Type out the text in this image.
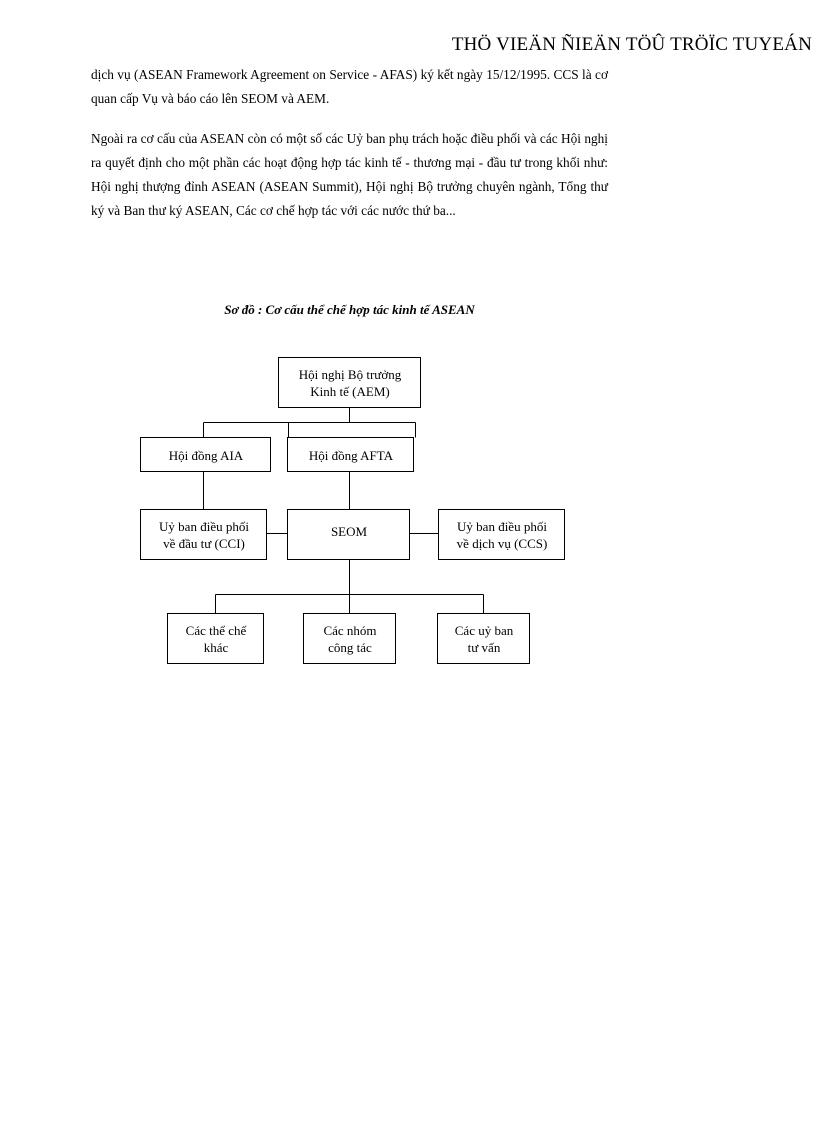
THÖ VIEÄN ÑIEÄN TÖÛ TRÖÏC TUYEÁN

dịch vụ (ASEAN Framework Agreement on Service - AFAS) ký kết ngày 15/12/1995. CCS là cơ quan cấp Vụ và báo cáo lên SEOM và AEM.

Ngoài ra cơ cấu của ASEAN còn có một số các Uỷ ban phụ trách hoặc điều phối và các Hội nghị ra quyết định cho một phần các hoạt động hợp tác kinh tế - thương mại - đầu tư trong khối như: Hội nghị thượng đỉnh ASEAN (ASEAN Summit), Hội nghị Bộ trưởng chuyên ngành, Tổng thư ký và Ban thư ký ASEAN, Các cơ chế hợp tác với các nước thứ ba...

Sơ đồ : Cơ cấu thể chế hợp tác kinh tế ASEAN

Hội nghị Bộ trưởng
Kinh tế (AEM)
Hội đồng AIA	Hội đồng AFTA
Uỷ ban điều phối
về đầu tư (CCI)
SEOM	Uỷ ban điều phối
về dịch vụ (CCS)
Các thể chế
khác
Các nhóm
công tác
Các uỷ ban
tư vấn
